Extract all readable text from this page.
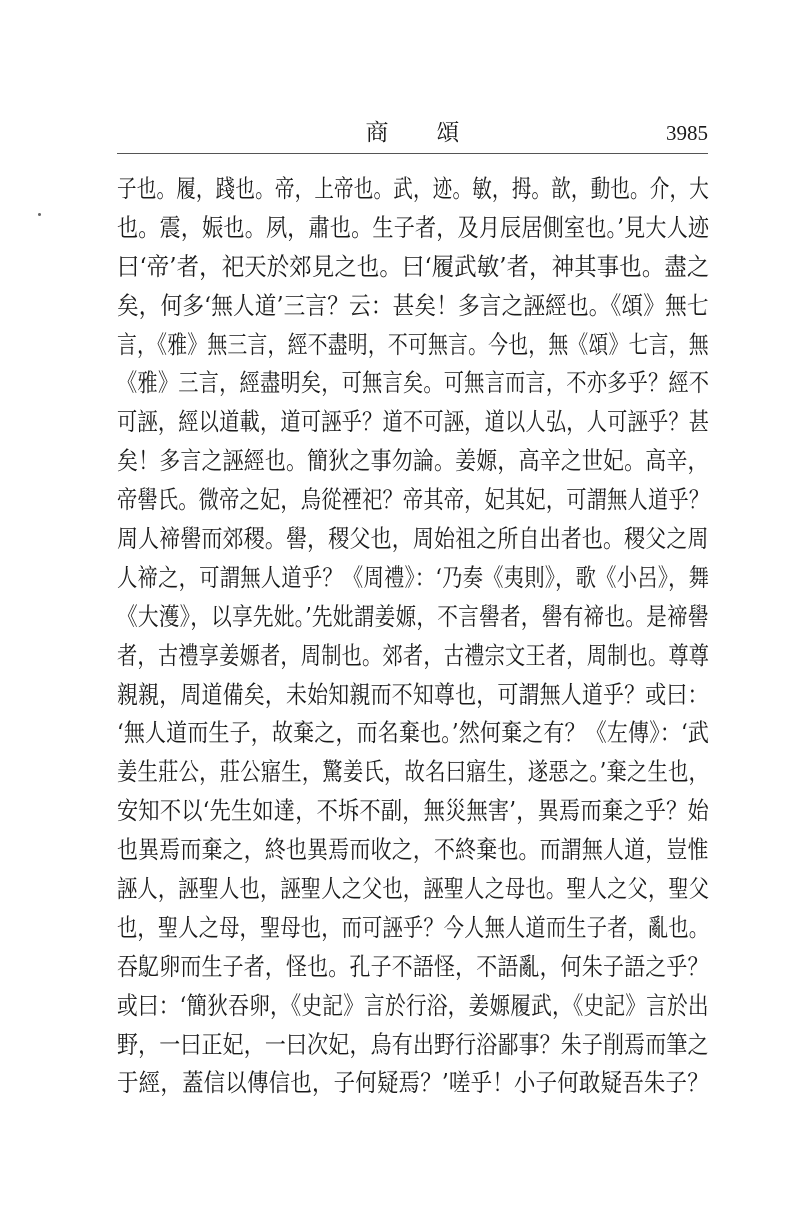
商頌	3985
子也。履，踐也。帝，上帝也。武，迹。敏，拇。歆，動也。介，大
也。震，娠也。夙，肅也。生子者，及月辰居側室也。’見大人迹
曰‘帝’者，祀天於郊見之也。曰‘履武敏’者，神其事也。盡之
矣，何多‘無人道’三言？云：甚矣！多言之誣經也。《頌》無七
言，《雅》無三言，經不盡明，不可無言。今也，無《頌》七言，無
《雅》三言，經盡明矣，可無言矣。可無言而言，不亦多乎？經不
可誣，經以道載，道可誣乎？道不可誣，道以人弘，人可誣乎？甚
矣！多言之誣經也。簡狄之事勿論。姜嫄，高辛之世妃。高辛，
帝嚳氏。微帝之妃，烏從禋祀？帝其帝，妃其妃，可謂無人道乎？
周人禘嚳而郊稷。嚳，稷父也，周始祖之所自出者也。稷父之周
人禘之，可謂無人道乎？《周禮》：‘乃奏《夷則》，歌《小呂》，舞
《大濩》，以享先妣。’先妣謂姜嫄，不言嚳者，嚳有禘也。是禘嚳
者，古禮享姜嫄者，周制也。郊者，古禮宗文王者，周制也。尊尊
親親，周道備矣，未始知親而不知尊也，可謂無人道乎？或曰：
‘無人道而生子，故棄之，而名棄也。’然何棄之有？《左傳》：‘武
姜生莊公，莊公寤生，驚姜氏，故名曰寤生，遂惡之。’棄之生也，
安知不以‘先生如達，不坼不副，無災無害’，異焉而棄之乎？始
也異焉而棄之，終也異焉而收之，不終棄也。而謂無人道，豈惟
誣人，誣聖人也，誣聖人之父也，誣聖人之母也。聖人之父，聖父
也，聖人之母，聖母也，而可誣乎？今人無人道而生子者，亂也。
吞鳦卵而生子者，怪也。孔子不語怪，不語亂，何朱子語之乎？
或曰：‘簡狄吞卵，《史記》言於行浴，姜嫄履武，《史記》言於出
野，一曰正妃，一曰次妃，烏有出野行浴鄙事？朱子削焉而筆之
于經，蓋信以傳信也，子何疑焉？’嗟乎！小子何敢疑吾朱子？
